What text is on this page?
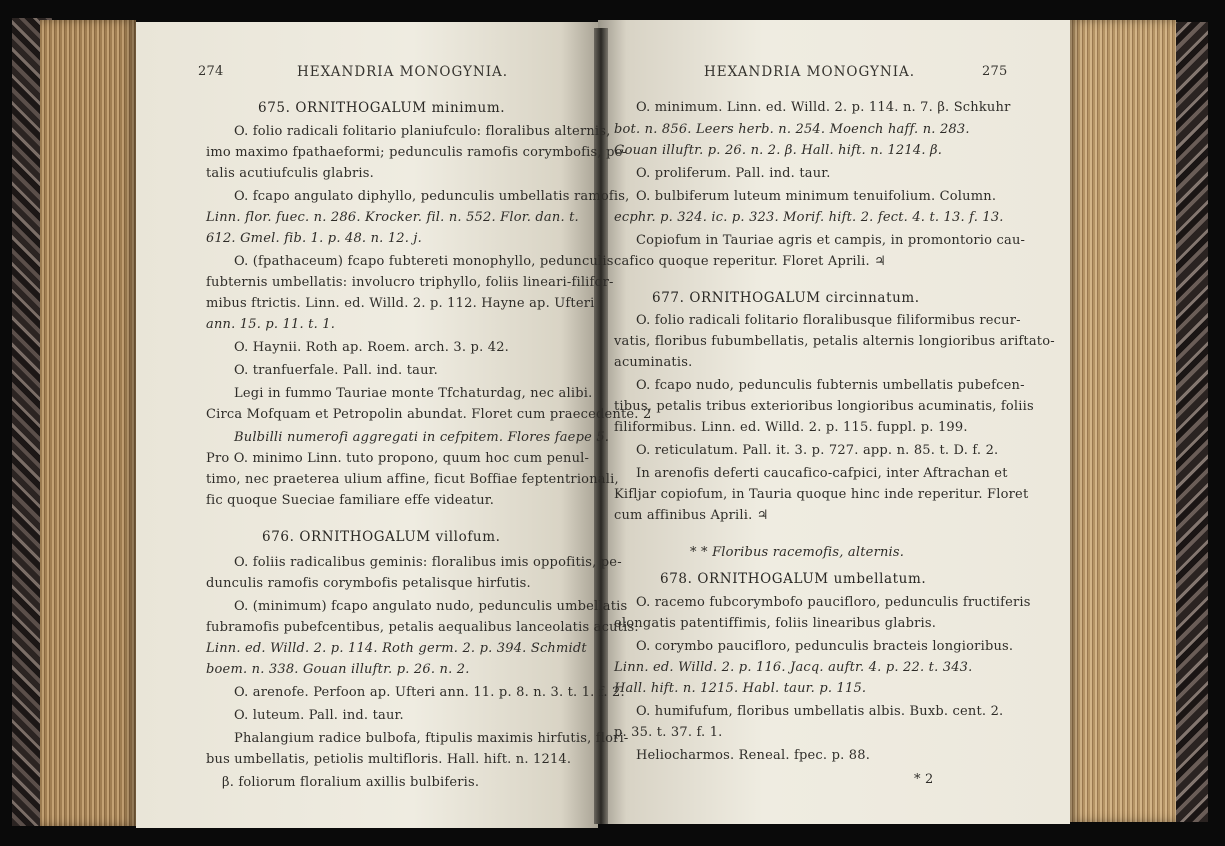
274	HEXANDRIA MONOGYNIA.
675. ORNITHOGALUM minimum.
O. folio radicali folitario planiufculo: floralibus alternis,
imo maximo fpathaeformi; pedunculis ramofis corymbofis, pe-
talis acutiufculis glabris.
O. fcapo angulato diphyllo, pedunculis umbellatis ramofis,
Linn. flor. fuec. n. 286. Krocker. fil. n. 552. Flor. dan. t.
612. Gmel. fib. 1. p. 48. n. 12. j.
O. (fpathaceum) fcapo fubtereti monophyllo, pedunculis
fubternis umbellatis: involucro triphyllo, foliis lineari-filifor-
mibus ftrictis. Linn. ed. Willd. 2. p. 112. Hayne ap. Ufteri
ann. 15. p. 11. t. 1.
O. Haynii. Roth ap. Roem. arch. 3. p. 42.
O. tranfuerfale. Pall. ind. taur.
Legi in fummo Tauriae monte Tfchaturdag, nec alibi.
Circa Mofquam et Petropolin abundat. Floret cum praecedente. 2
Bulbilli numerofi aggregati in cefpitem. Flores faepe 5.
Pro O. minimo Linn. tuto propono, quum hoc cum penul-
timo, nec praeterea ulium affine, ficut Boffiae feptentrionali,
fic quoque Sueciae familiare effe videatur.
676. ORNITHOGALUM villofum.
O. foliis radicalibus geminis: floralibus imis oppofitis, pe-
dunculis ramofis corymbofis petalisque hirfutis.
O. (minimum) fcapo angulato nudo, pedunculis umbellatis
fubramofis pubefcentibus, petalis aequalibus lanceolatis acutis.
Linn. ed. Willd. 2. p. 114. Roth germ. 2. p. 394. Schmidt
boem. n. 338. Gouan illuftr. p. 26. n. 2.
O. arenofe. Perfoon ap. Ufteri ann. 11. p. 8. n. 3. t. 1. f. 2.
O. luteum. Pall. ind. taur.
Phalangium radice bulbofa, ftipulis maximis hirfutis, flori-
bus umbellatis, petiolis multifloris. Hall. hift. n. 1214.
β. foliorum floralium axillis bulbiferis.
HEXANDRIA MONOGYNIA.	275
O. minimum. Linn. ed. Willd. 2. p. 114. n. 7. β. Schkuhr
bot. n. 856. Leers herb. n. 254. Moench haff. n. 283.
Gouan illuftr. p. 26. n. 2. β. Hall. hift. n. 1214. β.
O. proliferum. Pall. ind. taur.
O. bulbiferum luteum minimum tenuifolium. Column.
ecphr. p. 324. ic. p. 323. Morif. hift. 2. fect. 4. t. 13. f. 13.
Copiofum in Tauriae agris et campis, in promontorio cau-
cafico quoque reperitur. Floret Aprili. ♃
677. ORNITHOGALUM circinnatum.
O. folio radicali folitario floralibusque filiformibus recur-
vatis, floribus fubumbellatis, petalis alternis longioribus ariftato-
acuminatis.
O. fcapo nudo, pedunculis fubternis umbellatis pubefcen-
tibus, petalis tribus exterioribus longioribus acuminatis, foliis
filiformibus. Linn. ed. Willd. 2. p. 115. fuppl. p. 199.
O. reticulatum. Pall. it. 3. p. 727. app. n. 85. t. D. f. 2.
In arenofis deferti caucafico-cafpici, inter Aftrachan et
Kifljar copiofum, in Tauria quoque hinc inde reperitur. Floret
cum affinibus Aprili. ♃
* * Floribus racemofis, alternis.
678. ORNITHOGALUM umbellatum.
O. racemo fubcorymbofo paucifloro, pedunculis fructiferis
elongatis patentiffimis, foliis linearibus glabris.
O. corymbo paucifloro, pedunculis bracteis longioribus.
Linn. ed. Willd. 2. p. 116. Jacq. auftr. 4. p. 22. t. 343.
Hall. hift. n. 1215. Habl. taur. p. 115.
O. humifufum, floribus umbellatis albis. Buxb. cent. 2.
p. 35. t. 37. f. 1.
Heliocharmos. Reneal. fpec. p. 88.
* 2
